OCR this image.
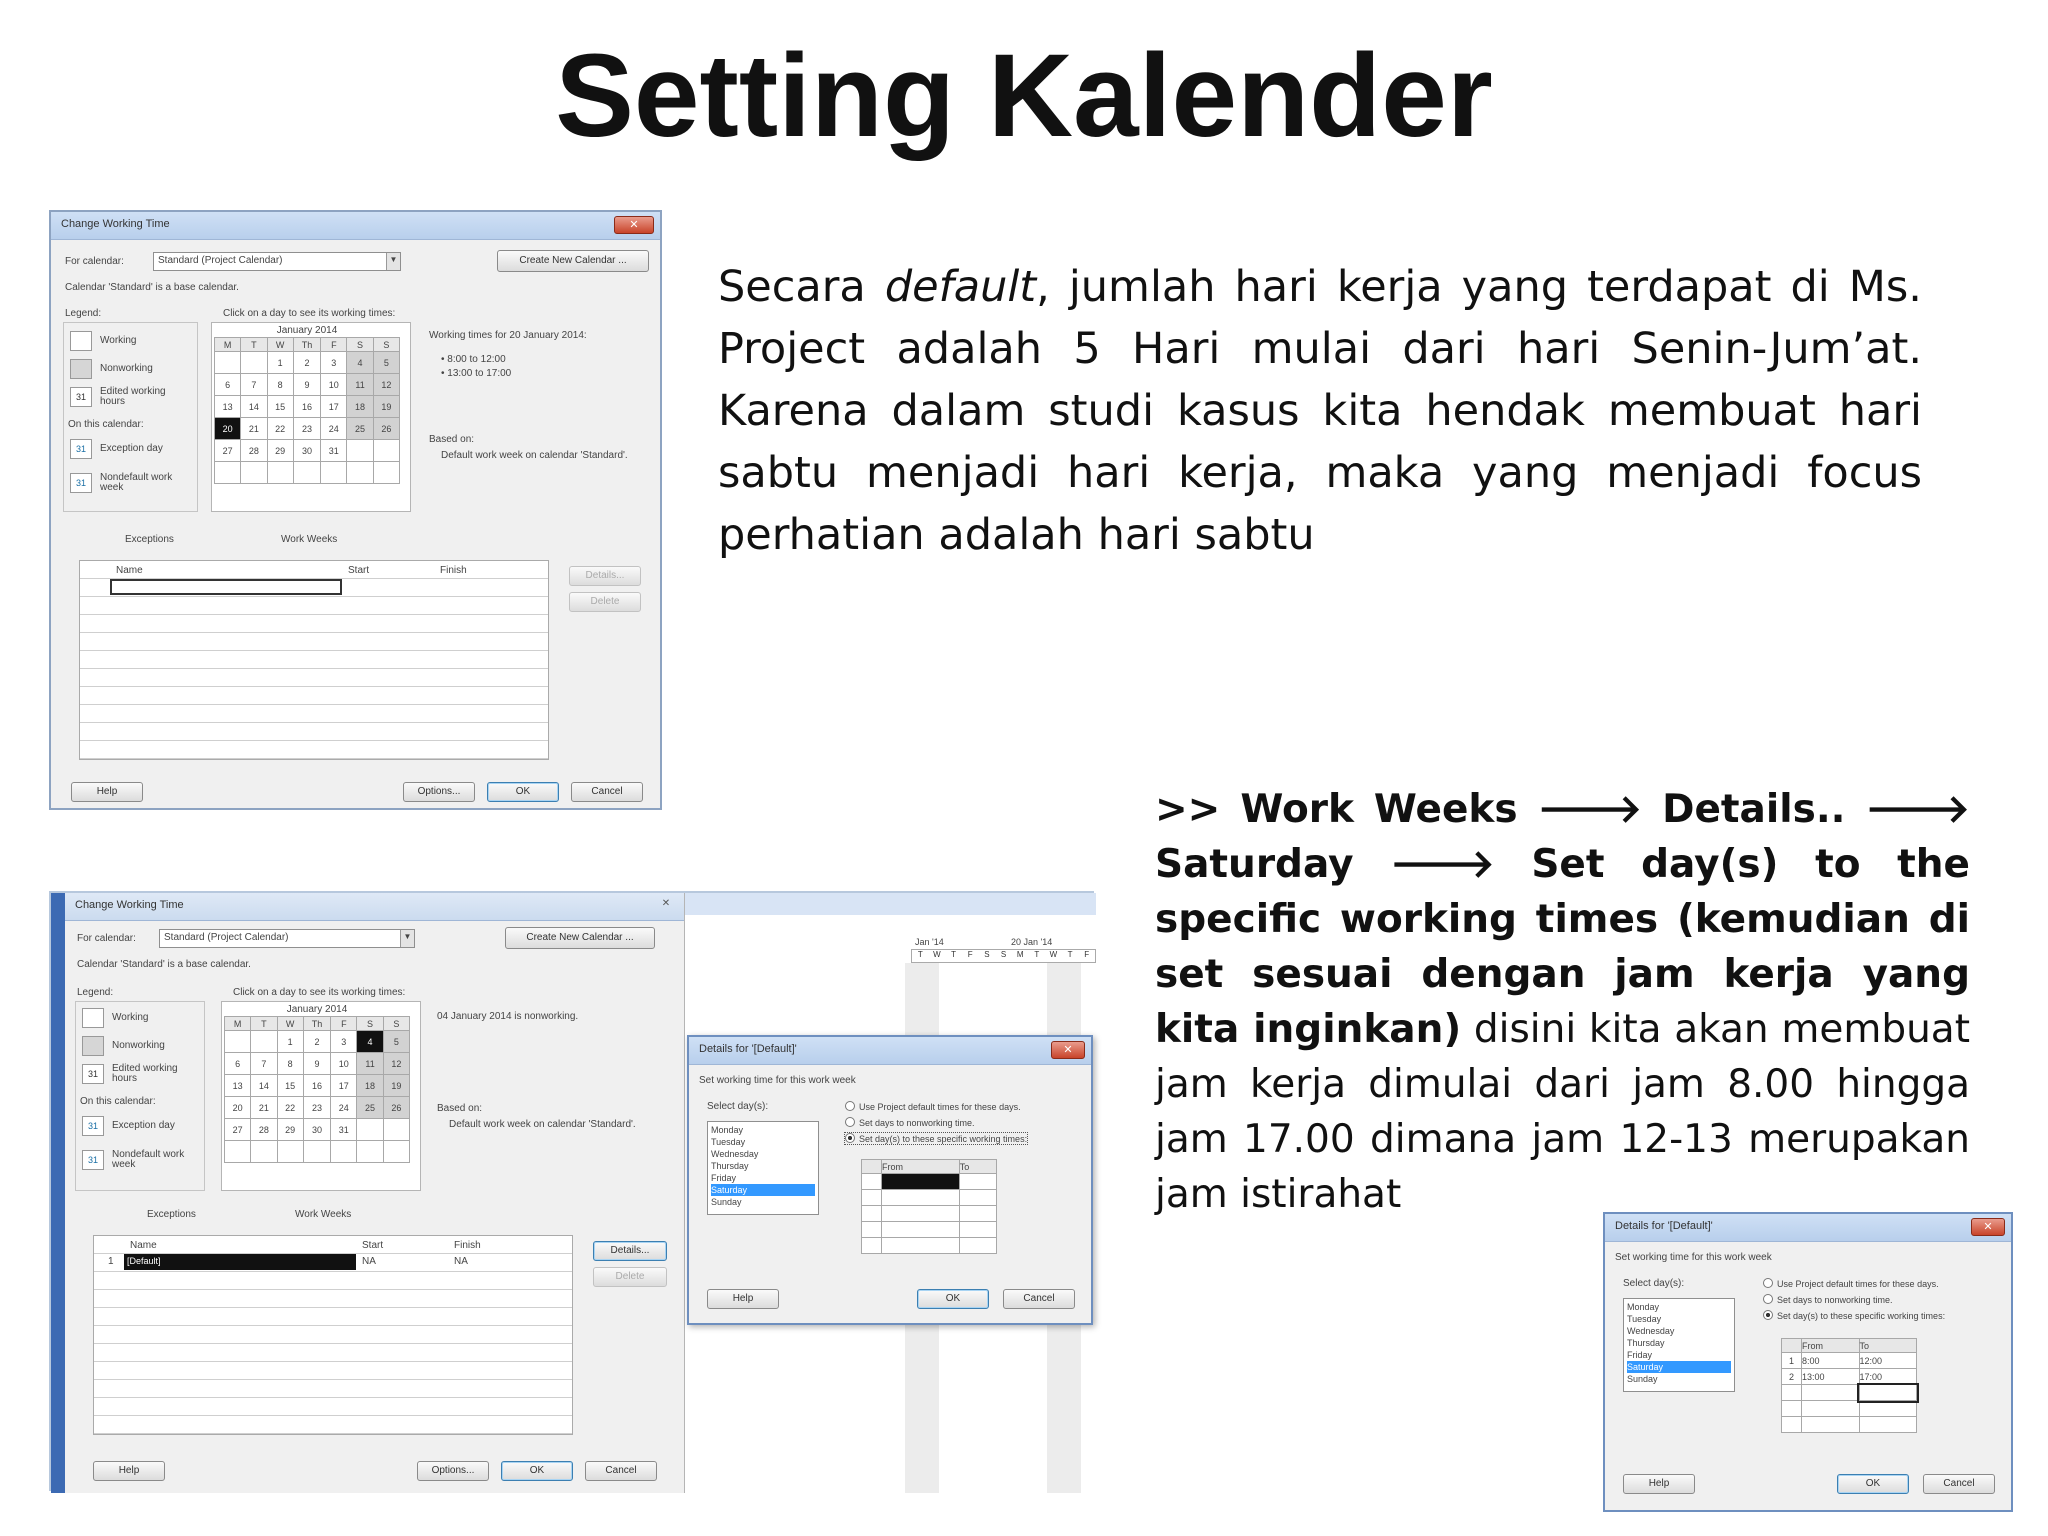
Setting Kalender
Secara default, jumlah hari kerja yang terdapat di Ms. Project adalah 5 Hari mulai dari hari Senin-Jum’at. Karena dalam studi kasus kita hendak membuat hari sabtu menjadi hari kerja, maka yang menjadi focus perhatian adalah hari sabtu
>> Work Weeks 🡒 Details.. 🡒 Saturday 🡒 Set day(s) to the specific working times (kemudian di set sesuai dengan jam kerja yang kita inginkan) disini kita akan membuat jam kerja dimulai dari jam 8.00 hingga jam 17.00 dimana jam 12-13 merupakan jam istirahat
Change Working Time	✕
For calendar:	Standard (Project Calendar)	▼	Create New Calendar ...
Calendar 'Standard' is a base calendar.
Legend:
Working
Nonworking
31	Edited working hours
On this calendar:
31	Exception day
31	Nondefault work week
Click on a day to see its working times:
January 2014
M	T	W	Th	F	S	S
		1	2	3	4	5
6	7	8	9	10	11	12
13	14	15	16	17	18	19
20	21	22	23	24	25	26
27	28	29	30	31		

Working times for 20 January 2014:
• 8:00 to 12:00
• 13:00 to 17:00
Based on:
Default work week on calendar 'Standard'.
Exceptions	Work Weeks
Name	Start	Finish	Details...
Delete
Help	Options...	OK	Cancel
Gantt Chart
Jan '14	20 Jan '14
T	W	T	F	S	S	M	T	W	T	F
Change Working Time	✕
For calendar:	Standard (Project Calendar)	▼	Create New Calendar ...
Calendar 'Standard' is a base calendar.
Legend:
Working
Nonworking
31	Edited working hours
On this calendar:
31	Exception day
31	Nondefault work week
Click on a day to see its working times:
January 2014
M	T	W	Th	F	S	S
		1	2	3	4	5
6	7	8	9	10	11	12
13	14	15	16	17	18	19
20	21	22	23	24	25	26
27	28	29	30	31		

04 January 2014 is nonworking.
Based on:
Default work week on calendar 'Standard'.
Exceptions	Work Weeks
Name	Start	Finish
1	[Default]	NA	NA
Details...
Delete
Help	Options...	OK	Cancel
Details for '[Default]'	✕
Set working time for this work week
Select day(s):
Monday
Tuesday
Wednesday
Thursday
Friday
Saturday
Sunday
Use Project default times for these days.
Set days to nonworking time.
Set day(s) to these specific working times:
	From	To

Help	OK	Cancel
Details for '[Default]'	✕
Set working time for this work week
Select day(s):
Monday
Tuesday
Wednesday
Thursday
Friday
Saturday
Sunday
Use Project default times for these days.
Set days to nonworking time.
Set day(s) to these specific working times:
	From	To
1	8:00	12:00
2	13:00	17:00

Help	OK	Cancel
